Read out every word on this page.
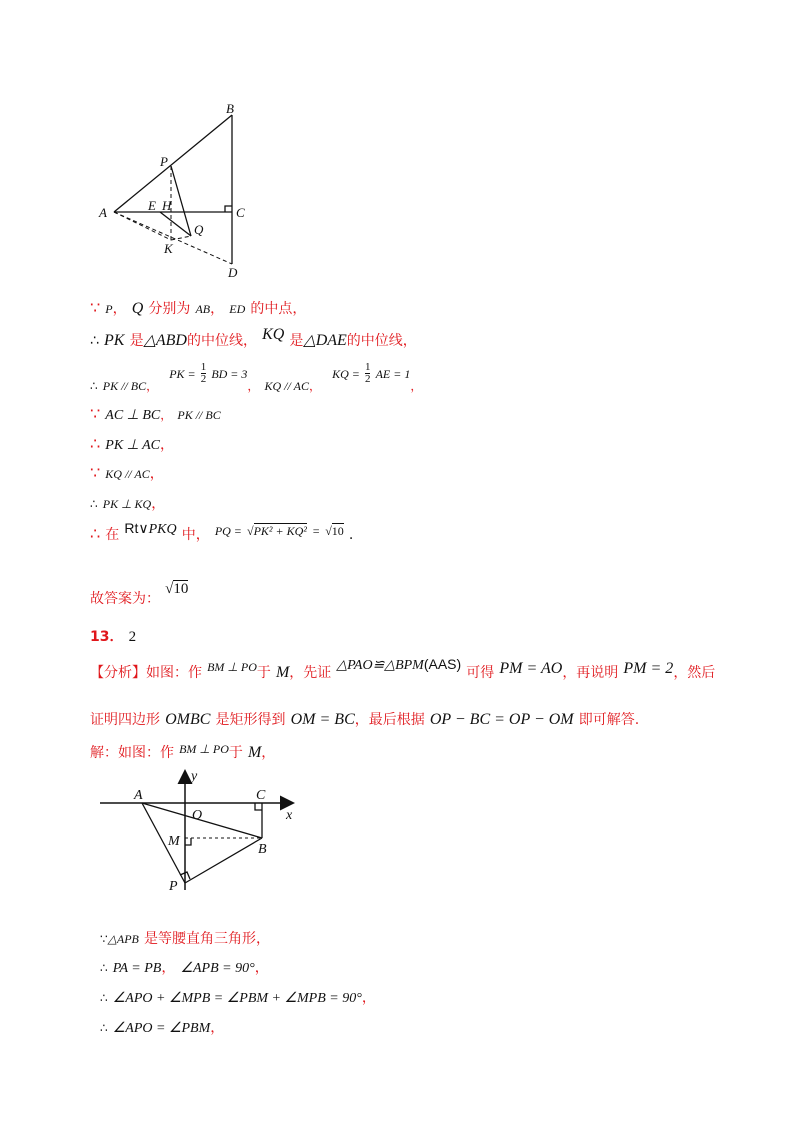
B
P
A	E H	C
Q
K
D
∵ P， Q 分别为 AB， ED 的中点，
∴ PK 是△ABD的中位线， KQ 是△DAE的中位线，
$_\therefore$ $_{PK // BC,}$ PK = $\frac{1}{2}$ BD = $3_,$ $_{KQ // AC,}$ KQ = $\frac{1}{2}$ AE = $1_,$
∵ AC ⊥ BC， PK // BC
∴ PK ⊥ AC，
∵ KQ // AC，
∴ PK ⊥ KQ，
∴ 在 Rt∨PKQ 中， PQ = √PK² + KQ² = √10 .
故答案为： √10
13． 2
【分析】如图：作 $^{BM \perp PO}$于 M，先证 △PAO≌△BPM(AAS) 可得 PM = AO，再说明 PM = 2，然后
证明四边形 OMBC 是矩形得到 OM = BC，最后根据 OP − BC = OP − OM 即可解答.
解：如图：作 $^{BM \perp PO}$于 M，
y
A	C
O	x
M
B
P
∵△APB 是等腰直角三角形，
∴ PA = PB， ∠APB = 90°，
∴ ∠APO + ∠MPB = ∠PBM + ∠MPB = 90°，
∴ ∠APO = ∠PBM，
